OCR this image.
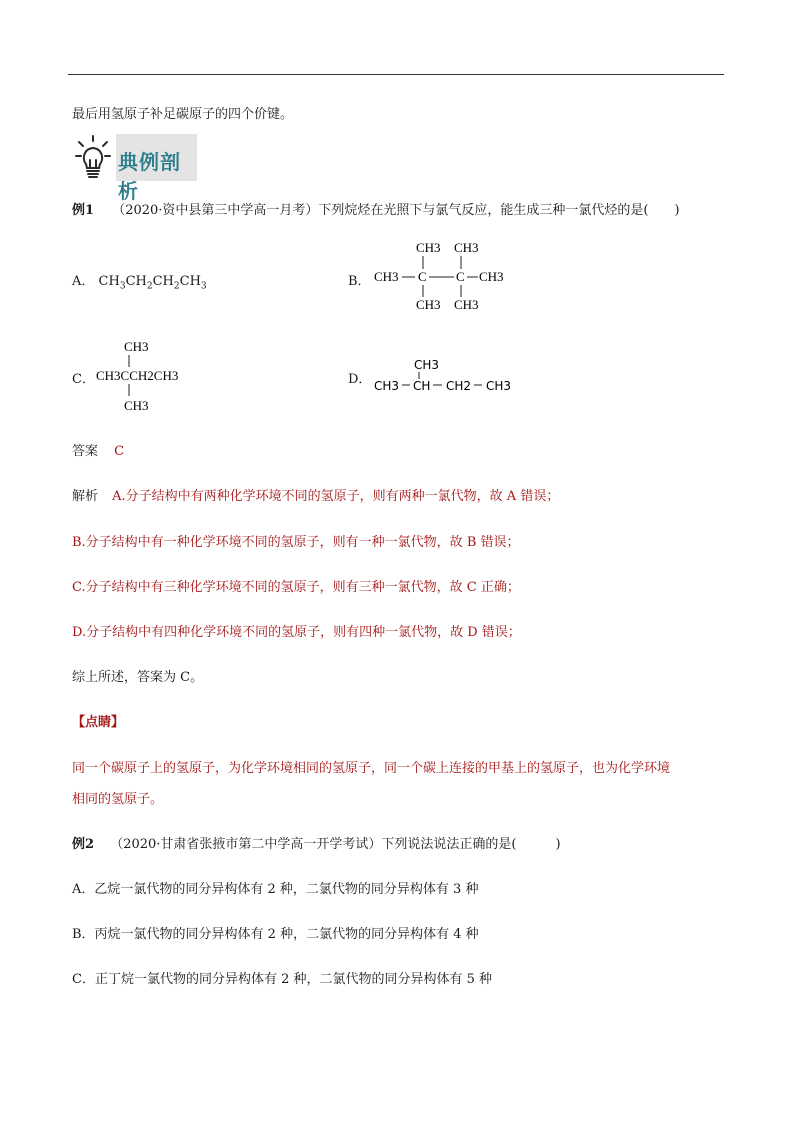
最后用氢原子补足碳原子的四个价键。
典例剖析
例1 （2020·资中县第三中学高一月考）下列烷烃在光照下与氯气反应，能生成三种一氯代烃的是(　　)
A． $CH_3CH_2CH_2CH_3$	B．
CH3 CH3
CH3 C C CH3
CH3 CH3
C．
CH3
CH3CCH2CH3
CH3
D．
CH3
CH3 CH CH2 CH3
答案 C
解析 A.分子结构中有两种化学环境不同的氢原子，则有两种一氯代物，故 A 错误；
B.分子结构中有一种化学环境不同的氢原子，则有一种一氯代物，故 B 错误；
C.分子结构中有三种化学环境不同的氢原子，则有三种一氯代物，故 C 正确；
D.分子结构中有四种化学环境不同的氢原子，则有四种一氯代物，故 D 错误；
综上所述，答案为 C。
【点睛】
同一个碳原子上的氢原子，为化学环境相同的氢原子，同一个碳上连接的甲基上的氢原子，也为化学环境
相同的氢原子。
例2 （2020·甘肃省张掖市第二中学高一开学考试）下列说法说法正确的是(　　　)
A．乙烷一氯代物的同分异构体有 2 种，二氯代物的同分异构体有 3 种
B．丙烷一氯代物的同分异构体有 2 种，二氯代物的同分异构体有 4 种
C．正丁烷一氯代物的同分异构体有 2 种，二氯代物的同分异构体有 5 种
